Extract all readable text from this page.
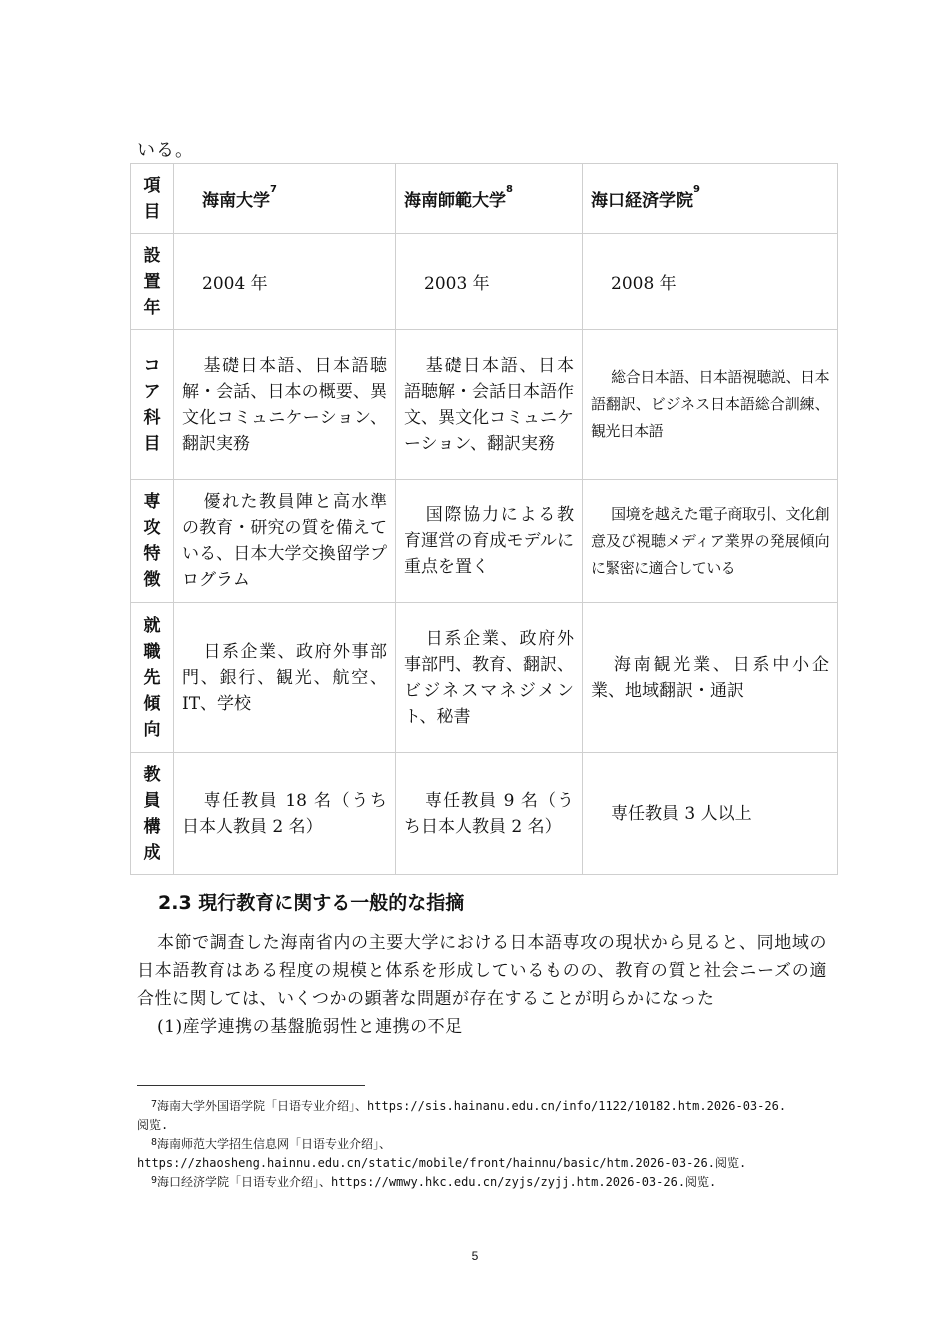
いる。
項
目	海南大学$^7$	海南師範大学$^8$	海口経済学院$^9$

設
置
年	2004 年	2003 年	2008 年

コ
ア
科
目	基礎日本語、日本語聴解・会話、日本の概要、異文化コミュニケーション、翻訳実務	基礎日本語、日本語聴解・会話日本語作文、異文化コミュニケーション、翻訳実務	総合日本語、日本語視聴説、日本語翻訳、ビジネス日本語総合訓練、観光日本語

専
攻
特
徴	優れた教員陣と高水準の教育・研究の質を備えている、日本大学交換留学プログラム	国際協力による教育運営の育成モデルに重点を置く	国境を越えた電子商取引、文化創意及び視聴メディア業界の発展傾向に緊密に適合している

就
職
先
傾
向	日系企業、政府外事部門、銀行、観光、航空、IT、学校	日系企業、政府外事部門、教育、翻訳、ビジネスマネジメント、秘書	海南観光業、日系中小企業、地域翻訳・通訳

教
員
構
成	専任教員 18 名（うち日本人教員 2 名）	専任教員 9 名（うち日本人教員 2 名）	専任教員 3 人以上
2.3 現行教育に関する一般的な指摘

本節で調査した海南省内の主要大学における日本語専攻の現状から見ると、同地域の日本語教育はある程度の規模と体系を形成しているものの、教育の質と社会ニーズの適合性に関しては、いくつかの顕著な問題が存在することが明らかになった

(1)産学連携の基盤脆弱性と連携の不足

$^7$海南大学外国语学院「日语专业介绍」、https://sis.hainanu.edu.cn/info/1122/10182.htm.2026-03-26.
阅览.
$^8$海南师范大学招生信息网「日语专业介绍」、
https://zhaosheng.hainnu.edu.cn/static/mobile/front/hainnu/basic/htm.2026-03-26.阅览.
$^9$海口经济学院「日语专业介绍」、https://wmwy.hkc.edu.cn/zyjs/zyjj.htm.2026-03-26.阅览.
5
